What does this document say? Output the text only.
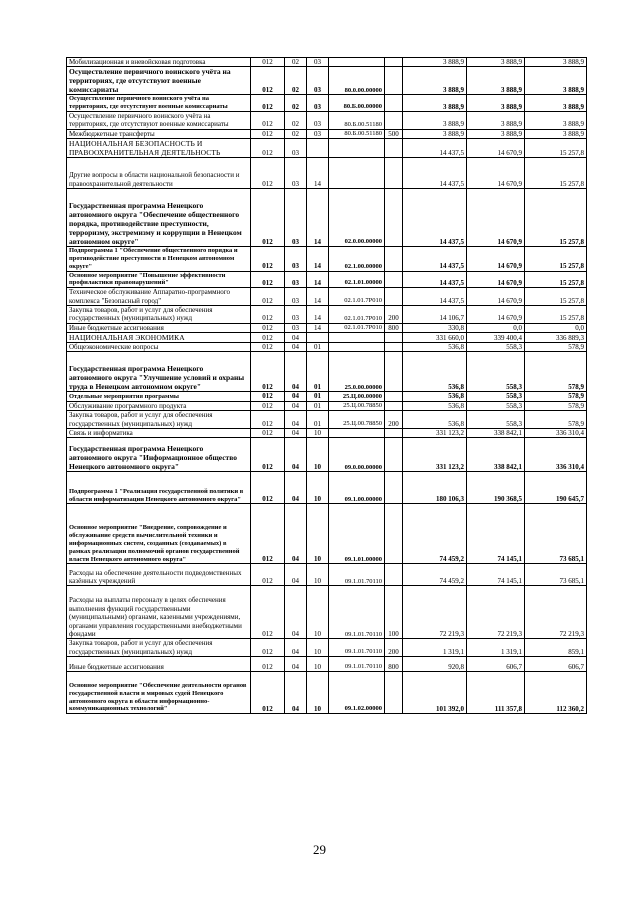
Мобилизационная и вневойсковая подготовка	012	02	03			3 888,9	3 888,9	3 888,9
Осуществление первичного воинского учёта на территориях, где отсутствуют военные комиссариаты	012	02	03	80.0.00.00000		3 888,9	3 888,9	3 888,9
Осуществление первичного воинского учёта на территориях, где отсутствуют военные комиссариаты	012	02	03	80.Б.00.00000		3 888,9	3 888,9	3 888,9
Осуществление первичного воинского учёта на территориях, где отсутствуют военные комиссариаты	012	02	03	80.Б.00.51180		3 888,9	3 888,9	3 888,9
Межбюджетные трансферты	012	02	03	80.Б.00.51180	500	3 888,9	3 888,9	3 888,9
НАЦИОНАЛЬНАЯ БЕЗОПАСНОСТЬ И ПРАВООХРАНИТЕЛЬНАЯ ДЕЯТЕЛЬНОСТЬ	012	03				14 437,5	14 670,9	15 257,8
Другие вопросы в области национальной безопасности и правоохранительной деятельности	012	03	14			14 437,5	14 670,9	15 257,8
Государственная программа Ненецкого автономного округа "Обеспечение общественного порядка, противодействие преступности, терроризму, экстремизму и коррупции в Ненецком автономном округе"	012	03	14	02.0.00.00000		14 437,5	14 670,9	15 257,8
Подпрограмма 1 "Обеспечение общественного порядка и противодействие преступности в Ненецком автономном округе"	012	03	14	02.1.00.00000		14 437,5	14 670,9	15 257,8
Основное мероприятие "Повышение эффективности профилактики правонарушений"	012	03	14	02.1.01.00000		14 437,5	14 670,9	15 257,8
Техническое обслуживание Аппаратно-программного комплекса "Безопасный город"	012	03	14	02.1.01.7Р010		14 437,5	14 670,9	15 257,8
Закупка товаров, работ и услуг для обеспечения государственных (муниципальных) нужд	012	03	14	02.1.01.7Р010	200	14 106,7	14 670,9	15 257,8
Иные бюджетные ассигнования	012	03	14	02.1.01.7Р010	800	330,8	0,0	0,0
НАЦИОНАЛЬНАЯ ЭКОНОМИКА	012	04				331 660,0	339 400,4	336 889,3
Общеэкономические вопросы	012	04	01			536,8	558,3	578,9
Государственная программа Ненецкого автономного округа "Улучшение условий и охраны труда в Ненецком автономном округе"	012	04	01	25.0.00.00000		536,8	558,3	578,9
Отдельные мероприятия программы	012	04	01	25.Ц.00.00000		536,8	558,3	578,9
Обслуживание программного продукта	012	04	01	25.Ц.00.78850		536,8	558,3	578,9
Закупка товаров, работ и услуг для обеспечения государственных (муниципальных) нужд	012	04	01	25.Ц.00.78850	200	536,8	558,3	578,9
Связь и информатика	012	04	10			331 123,2	338 842,1	336 310,4
Государственная программа Ненецкого автономного округа "Информационное общество Ненецкого автономного округа"	012	04	10	09.0.00.00000		331 123,2	338 842,1	336 310,4
Подпрограмма 1 "Реализация государственной политики в области информатизации Ненецкого автономного округа"	012	04	10	09.1.00.00000		180 106,3	190 368,5	190 645,7
Основное мероприятие "Внедрение, сопровождение и обслуживание средств вычислительной техники и информационных систем, созданных (создаваемых) в рамках реализации полномочий органов государственной власти Ненецкого автономного округа"	012	04	10	09.1.01.00000		74 459,2	74 145,1	73 685,1
Расходы на обеспечение деятельности подведомственных казённых учреждений	012	04	10	09.1.01.70110		74 459,2	74 145,1	73 685,1
Расходы на выплаты персоналу в целях обеспечения выполнения функций государственными (муниципальными) органами, казенными учреждениями, органами управления государственными внебюджетными фондами	012	04	10	09.1.01.70110	100	72 219,3	72 219,3	72 219,3
Закупка товаров, работ и услуг для обеспечения государственных (муниципальных) нужд	012	04	10	09.1.01.70110	200	1 319,1	1 319,1	859,1
Иные бюджетные ассигнования	012	04	10	09.1.01.70110	800	920,8	606,7	606,7
Основное мероприятие "Обеспечение деятельности органов государственной власти и мировых судей Ненецкого автономного округа в области информационно-коммуникационных технологий"	012	04	10	09.1.02.00000		101 392,0	111 357,8	112 360,2
29
